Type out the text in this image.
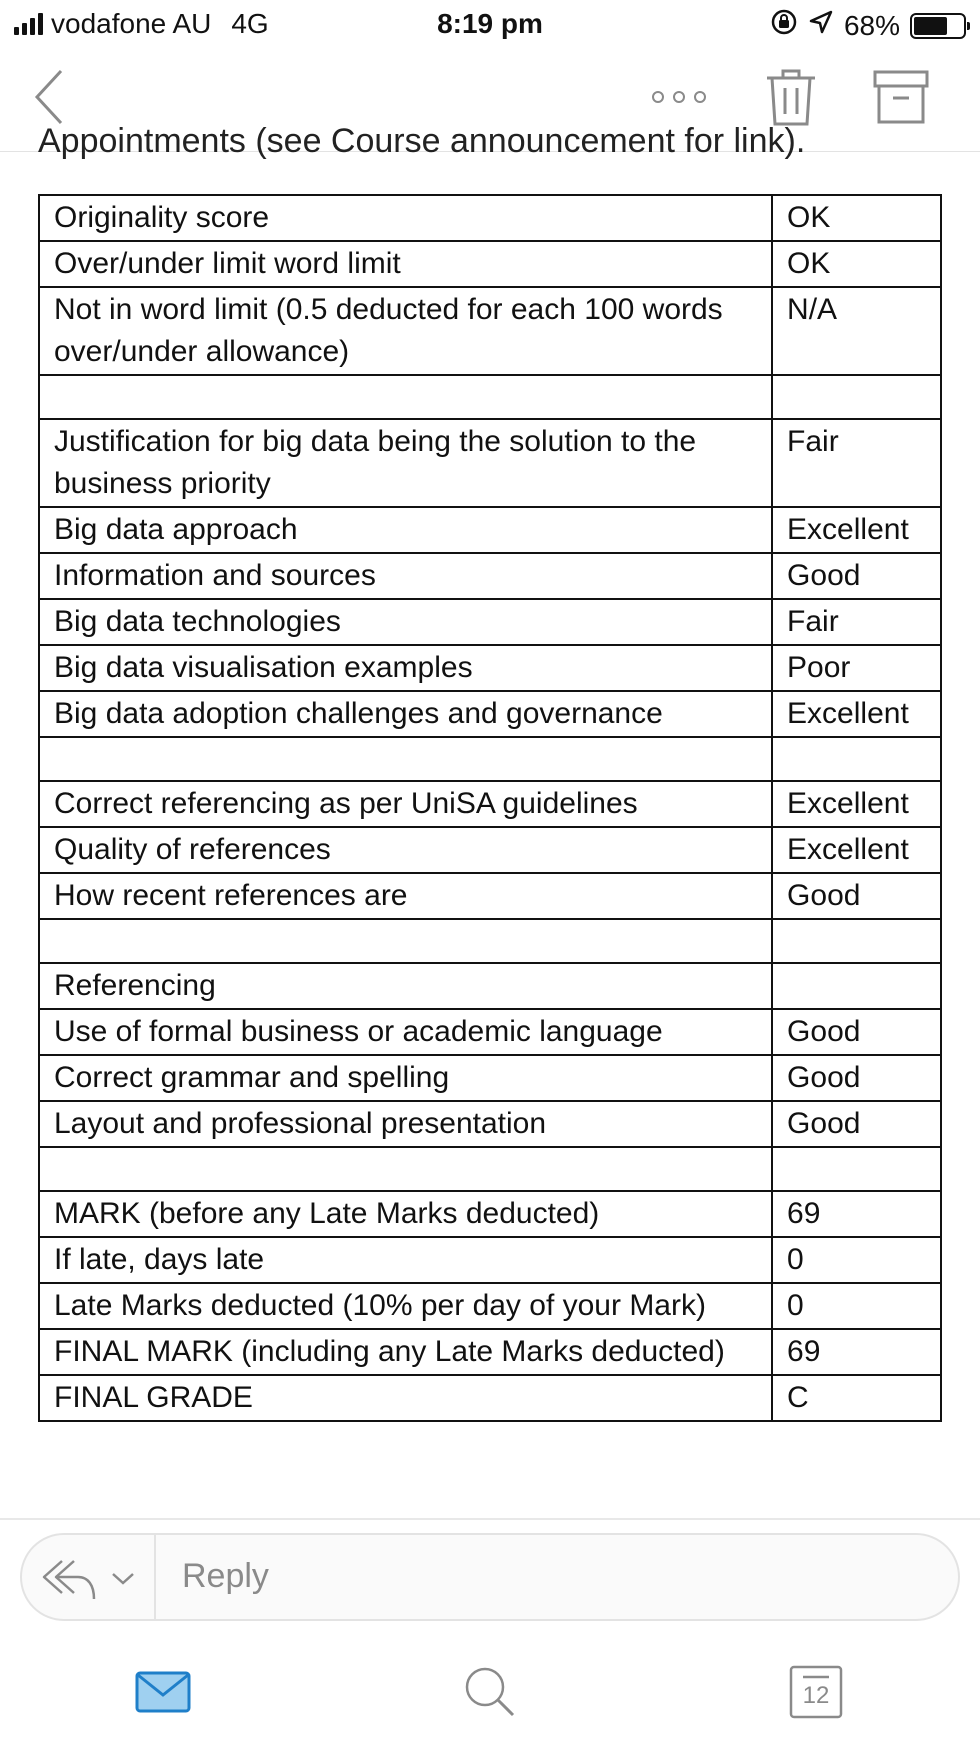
vodafone AU 4G	8:19 pm	68%
Appointments (see Course announcement for link).
Originality score	OK
Over/under limit word limit	OK
Not in word limit (0.5 deducted for each 100 words over/under allowance)	N/A

Justification for big data being the solution to the business priority	Fair
Big data approach	Excellent
Information and sources	Good
Big data technologies	Fair
Big data visualisation examples	Poor
Big data adoption challenges and governance	Excellent

Correct referencing as per UniSA guidelines	Excellent
Quality of references	Excellent
How recent references are	Good

Referencing	
Use of formal business or academic language	Good
Correct grammar and spelling	Good
Layout and professional presentation	Good

MARK (before any Late Marks deducted)	69
If late, days late	0
Late Marks deducted (10% per day of your Mark)	0
FINAL MARK (including any Late Marks deducted)	69
FINAL GRADE	C
Reply
12
